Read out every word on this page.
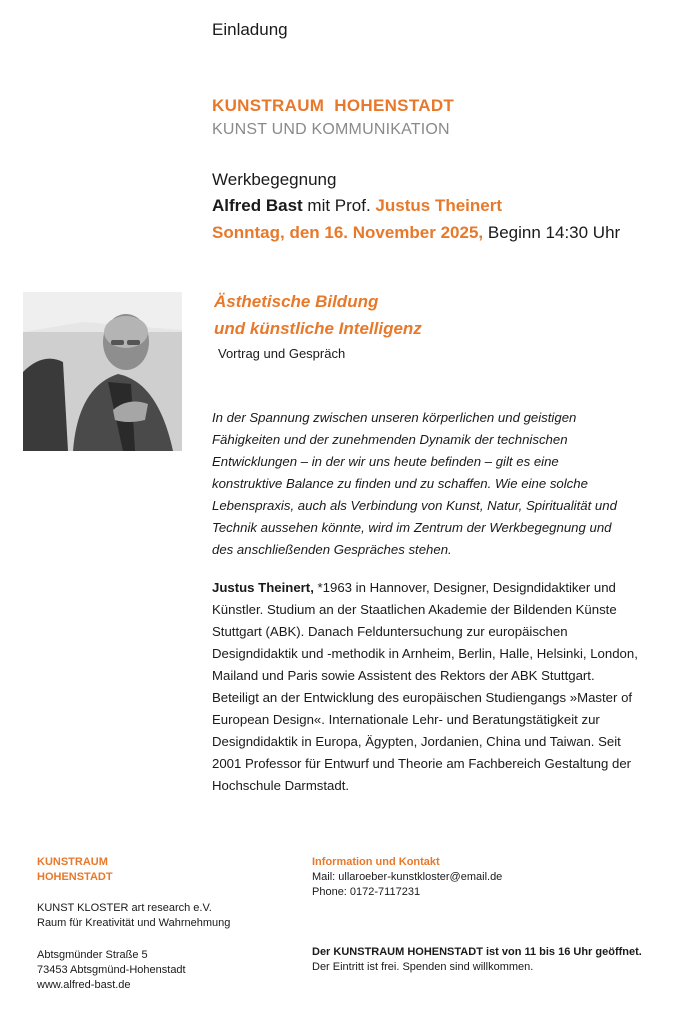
Einladung
KUNSTRAUM  HOHENSTADT
KUNST UND KOMMUNIKATION
Werkbegegnung
Alfred Bast mit Prof. Justus Theinert
Sonntag, den 16. November 2025, Beginn 14:30 Uhr
Ästhetische Bildung
und künstliche Intelligenz
Vortrag und Gespräch
In der Spannung zwischen unseren körperlichen und geistigen Fähigkeiten und der zunehmenden Dynamik der technischen Entwicklungen – in der wir uns heute befinden – gilt es eine konstruktive Balance zu finden und zu schaffen. Wie eine solche Lebenspraxis, auch als Verbindung von Kunst, Natur, Spiritualität und Technik aussehen könnte, wird im Zentrum der Werkbegegnung und des anschließenden Gespräches stehen.
Justus Theinert, *1963 in Hannover, Designer, Designdidaktiker und Künstler. Studium an der Staatlichen Akademie der Bildenden Künste Stuttgart (ABK). Danach Felduntersuchung zur europäischen Designdidaktik und -methodik in Arnheim, Berlin, Halle, Helsinki, London, Mailand und Paris sowie Assistent des Rektors der ABK Stuttgart. Beteiligt an der Entwicklung des europäischen Studiengangs »Master of European Design«. Internationale Lehr- und Beratungstätigkeit zur Designdidaktik in Europa, Ägypten, Jordanien, China und Taiwan. Seit 2001 Professor für Entwurf und Theorie am Fachbereich Gestaltung der Hochschule Darmstadt.
KUNSTRAUM
HOHENSTADT
KUNST KLOSTER art research e.V.
Raum für Kreativität und Wahrnehmung
Abtsgmünder Straße 5
73453 Abtsgmünd-Hohenstadt
www.alfred-bast.de
Information und Kontakt
Mail: ullaroeber-kunstkloster@email.de
Phone: 0172-7117231
Der KUNSTRAUM HOHENSTADT ist von 11 bis 16 Uhr geöffnet.
Der Eintritt ist frei. Spenden sind willkommen.
